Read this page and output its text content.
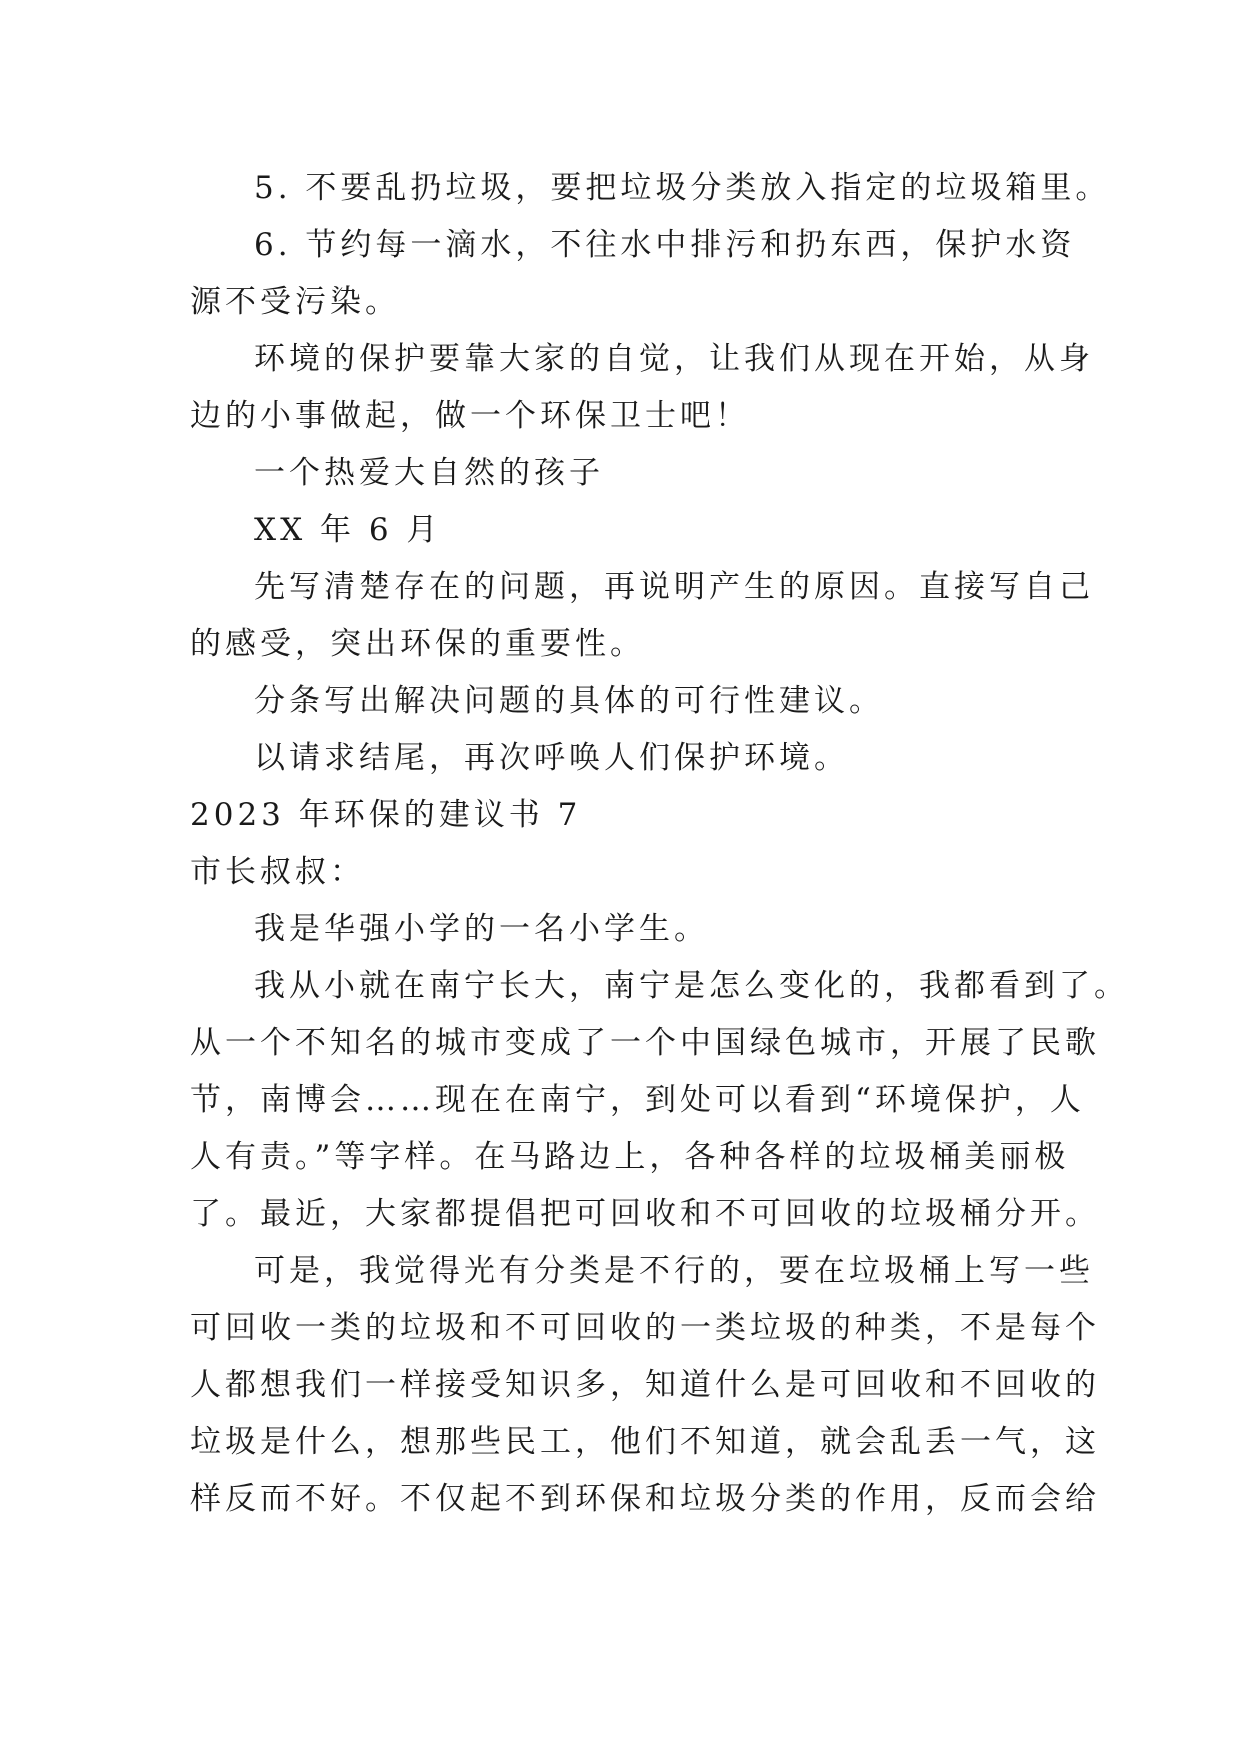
5. 不要乱扔垃圾，要把垃圾分类放入指定的垃圾箱里。
6. 节约每一滴水，不往水中排污和扔东西，保护水资
源不受污染。
环境的保护要靠大家的自觉，让我们从现在开始，从身
边的小事做起，做一个环保卫士吧！
一个热爱大自然的孩子
XX 年 6 月
先写清楚存在的问题，再说明产生的原因。直接写自己
的感受，突出环保的重要性。
分条写出解决问题的具体的可行性建议。
以请求结尾，再次呼唤人们保护环境。
2023 年环保的建议书 7
市长叔叔：
我是华强小学的一名小学生。
我从小就在南宁长大，南宁是怎么变化的，我都看到了。
从一个不知名的城市变成了一个中国绿色城市，开展了民歌
节，南博会……现在在南宁，到处可以看到“环境保护，人
人有责。”等字样。在马路边上，各种各样的垃圾桶美丽极
了。最近，大家都提倡把可回收和不可回收的垃圾桶分开。
可是，我觉得光有分类是不行的，要在垃圾桶上写一些
可回收一类的垃圾和不可回收的一类垃圾的种类，不是每个
人都想我们一样接受知识多，知道什么是可回收和不回收的
垃圾是什么，想那些民工，他们不知道，就会乱丢一气，这
样反而不好。不仅起不到环保和垃圾分类的作用，反而会给
